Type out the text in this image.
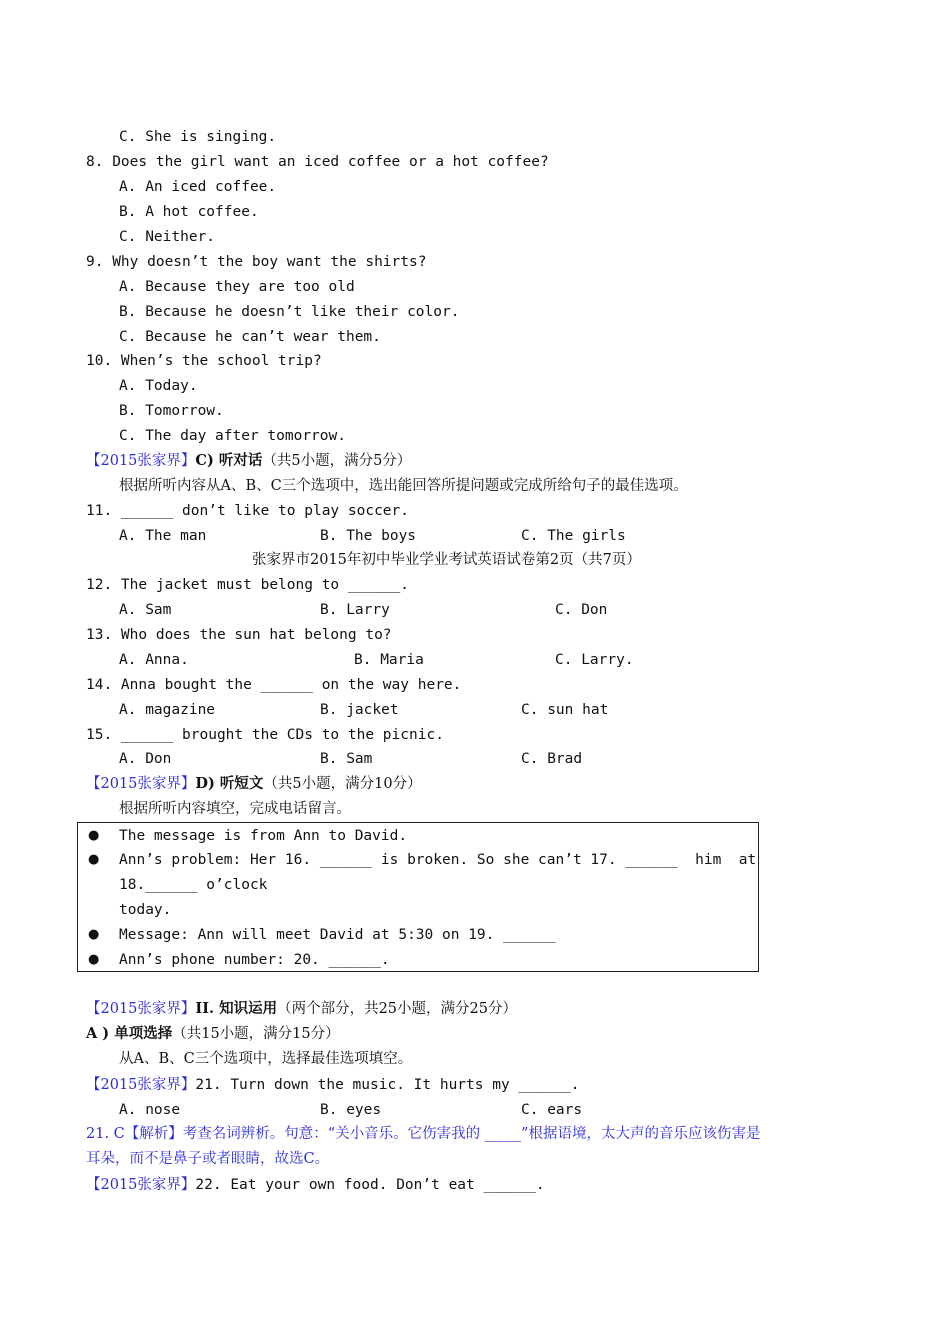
C. She is singing.
8. Does the girl want an iced coffee or a hot coffee?
A. An iced coffee.
B. A hot coffee.
C. Neither.
9. Why doesn’t the boy want the shirts?
A. Because they are too old
B. Because he doesn’t like their color.
C. Because he can’t wear them.
10. When’s the school trip?
A. Today.
B. Tomorrow.
C. The day after tomorrow.
【2015张家界】C) 听对话（共5小题，满分5分）
根据所听内容从A、B、C三个选项中，选出能回答所提问题或完成所给句子的最佳选项。
11. ______ don’t like to play soccer.
A. The man	B. The boys	C. The girls
张家界市2015年初中毕业学业考试英语试卷第2页（共7页）
12. The jacket must belong to ______.
A. Sam	B. Larry	C. Don
13. Who does the sun hat belong to?
A. Anna.	B. Maria	C. Larry.
14. Anna bought the ______ on the way here.
A. magazine	B. jacket	C. sun hat
15. ______ brought the CDs to the picnic.
A. Don	B. Sam	C. Brad
【2015张家界】D) 听短文（共5小题，满分10分）
根据所听内容填空，完成电话留言。
● The message is from Ann to David.
● Ann’s problem: Her 16. ______ is broken. So she can’t 17. ______  him  at
18.______ o’clock
today.
● Message: Ann will meet David at 5:30 on 19. ______
● Ann’s phone number: 20. ______.
【2015张家界】II. 知识运用（两个部分，共25小题，满分25分）
A ) 单项选择（共15小题，满分15分）
从A、B、C三个选项中，选择最佳选项填空。
【2015张家界】21. Turn down the music. It hurts my ______.
A. nose	B. eyes	C. ears
21. C【解析】考查名词辨析。句意：“关小音乐。它伤害我的 _____”根据语境，太大声的音乐应该伤害是
耳朵，而不是鼻子或者眼睛，故选C。
【2015张家界】22. Eat your own food. Don’t eat ______.
